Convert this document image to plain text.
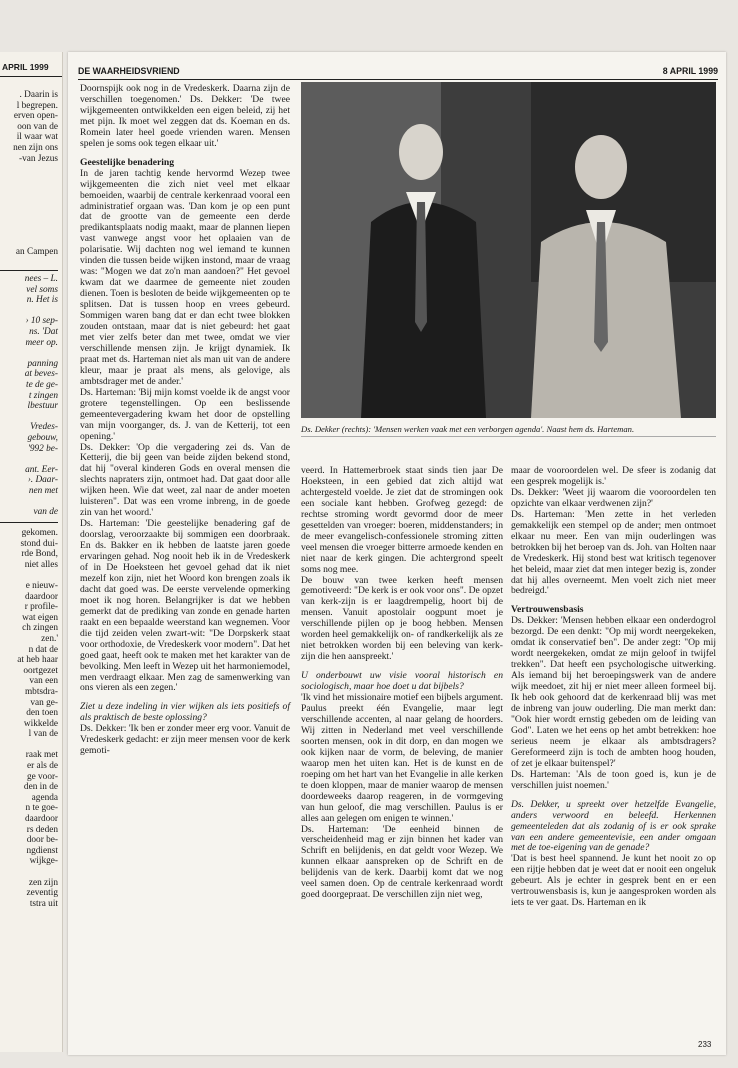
APRIL 1999
. Daarin is
l begrepen.
erven open-
oon van de
il waar wat
nen zijn ons
-van Jezus
an Campen
nees – L.
vel soms
n. Het is

› 10 sep-
ns. 'Dat
meer op.

panning
at beves-
te de ge-
t zingen
lbestuur

Vredes-
gebouw,
'992 be-

ant. Eer-
›. Daar-
nen met

van de
gekomen.
stond dui-
rde Bond,
niet alles

e nieuw-
daardoor
r profile-
wat eigen
ch zingen
zen.'
n dat de
at heb haar
oortgezet
van een
mbtsdra-
van ge-
den toen
wikkelde
l van de

raak met
er als de
ge voor-
den in de
agenda
n te goe-
daardoor
rs deden
door be-
ngdienst
wijkge-

zen zijn
zeventig
tstra uit
DE WAARHEIDSVRIEND	8 APRIL 1999

Doornspijk ook nog in de Vredeskerk. Daarna zijn de verschillen toegenomen.' Ds. Dekker: 'De twee wijkgemeenten ontwikkelden een eigen beleid, zij het met pijn. Ik moet wel zeggen dat ds. Koeman en ds. Romein later heel goede vrienden waren. Mensen spelen je soms ook tegen elkaar uit.'

Geestelijke benadering

In de jaren tachtig kende hervormd Wezep twee wijkgemeenten die zich niet veel met elkaar bemoeiden, waarbij de centrale kerkenraad vooral een administratief orgaan was. 'Dan kom je op een punt dat de grootte van de gemeente een derde predikantsplaats nodig maakt, maar de plannen liepen vast vanwege angst voor het oplaaien van de polarisatie. Wij dachten nog wel iemand te kunnen vinden die tussen beide wijken instond, maar de vraag was: "Mogen we dat zo'n man aandoen?" Het gevoel kwam dat we daarmee de gemeente niet zouden dienen. Toen is besloten de beide wijkgemeenten op te splitsen. Dat is tussen hoop en vrees gebeurd. Sommigen waren bang dat er dan echt twee blokken zouden ontstaan, maar dat is niet gebeurd: het gaat met vier zelfs beter dan met twee, omdat we vier verschillende mensen zijn. Je krijgt dynamiek. Ik praat met ds. Harteman niet als man uit van de andere kleur, maar je praat als mens, als gelovige, als ambtsdrager met de ander.'

Ds. Harteman: 'Bij mijn komst voelde ik de angst voor grotere tegenstellingen. Op een beslissende gemeentevergadering kwam het door de opstelling van mijn voorganger, ds. J. van de Ketterij, tot een opening.'

Ds. Dekker: 'Op die vergadering zei ds. Van de Ketterij, die bij geen van beide zijden bekend stond, dat hij "overal kinderen Gods en overal mensen die slechts napraters zijn, ontmoet had. Dat gaat door alle wijken heen. Wie dat weet, zal naar de ander moeten luisteren". Dat was een vrome inbreng, in de goede zin van het woord.'

Ds. Harteman: 'Die geestelijke benadering gaf de doorslag, veroorzaakte bij sommigen een doorbraak. En ds. Bakker en ik hebben de laatste jaren goede ervaringen gehad. Nog nooit heb ik in de Vredeskerk of in De Hoeksteen het gevoel gehad dat ik niet mezelf kon zijn, niet het Woord kon brengen zoals ik dacht dat goed was. De eerste vervelende opmerking moet ik nog horen. Belangrijker is dat we hebben gemerkt dat de prediking van zonde en genade harten raakt en een bepaalde weerstand kan wegnemen. Voor die tijd zeiden velen zwart-wit: "De Dorpskerk staat voor orthodoxie, de Vredeskerk voor modern". Dat het goed gaat, heeft ook te maken met het karakter van de bevolking. Men leeft in Wezep uit het harmoniemodel, men verdraagt elkaar. Men zag de samenwerking van ons vieren als een zegen.'

Ziet u deze indeling in vier wijken als iets positiefs of als praktisch de beste oplossing?

Ds. Dekker: 'Ik ben er zonder meer erg voor. Vanuit de Vredeskerk gedacht: er zijn meer mensen voor de kerk gemoti-

Ds. Dekker (rechts): 'Mensen werken vaak met een verborgen agenda'. Naast hem ds. Harteman.

veerd. In Hattemerbroek staat sinds tien jaar De Hoeksteen, in een gebied dat zich altijd wat achtergesteld voelde. Je ziet dat de stromingen ook een sociale kant hebben. Grofweg gezegd: de rechtse stroming wordt gevormd door de meer gesettelden van vroeger: boeren, middenstanders; in de meer evangelisch-confessionele stroming zitten veel mensen die vroeger bitterre armoede kenden en niet naar de kerk gingen. Die achtergrond speelt soms nog mee.

De bouw van twee kerken heeft mensen gemotiveerd: "De kerk is er ook voor ons". De opzet van kerk-zijn is er laagdrempelig, hoort bij de mensen. Vanuit apostolair oogpunt moet je verschillende pijlen op je boog hebben. Mensen worden heel gemakkelijk on- of randkerkelijk als ze niet betrokken worden bij een beleving van kerk-zijn die hen aanspreekt.'

U onderbouwt uw visie vooral historisch en sociologisch, maar hoe doet u dat bijbels?

'Ik vind het missionaire motief een bijbels argument. Paulus preekt één Evangelie, maar legt verschillende accenten, al naar gelang de hoorders. Wij zitten in Nederland met veel verschillende soorten mensen, ook in dit dorp, en dan mogen we ook kijken naar de vorm, de beleving, de manier waarop men het uiten kan. Het is de kunst en de roeping om het hart van het Evangelie in alle kerken te doen kloppen, maar de manier waarop de mensen doordeweeks daarop reageren, in de vormgeving van hun geloof, die mag verschillen. Paulus is er alles aan gelegen om enigen te winnen.'

Ds. Harteman: 'De eenheid binnen de verscheidenheid mag er zijn binnen het kader van Schrift en belijdenis, en dat geldt voor Wezep. We kunnen elkaar aanspreken op de Schrift en de belijdenis van de kerk. Daarbij komt dat we nog veel samen doen. Op de centrale kerkenraad wordt goed doorgepraat. De verschillen zijn niet weg,

maar de vooroordelen wel. De sfeer is zodanig dat een gesprek mogelijk is.'

Ds. Dekker: 'Weet jij waarom die vooroordelen ten opzichte van elkaar verdwenen zijn?'

Ds. Harteman: 'Men zette in het verleden gemakkelijk een stempel op de ander; men ontmoet elkaar nu meer. Een van mijn ouderlingen was betrokken bij het beroep van ds. Joh. van Holten naar de Vredeskerk. Hij stond best wat kritisch tegenover het beleid, maar ziet dat men integer bezig is, zonder dat hij alles overneemt. Men voelt zich niet meer bedreigd.'

Vertrouwensbasis

Ds. Dekker: 'Mensen hebben elkaar een onderdogrol bezorgd. De een denkt: "Op mij wordt neergekeken, omdat ik conservatief ben". De ander zegt: "Op mij wordt neergekeken, omdat ze mijn geloof in twijfel trekken". Dat heeft een psychologische uitwerking. Als iemand bij het beroepingswerk van de andere wijk meedoet, zit hij er niet meer alleen formeel bij. Ik heb ook gehoord dat de kerkenraad blij was met de inbreng van jouw ouderling. Die man merkt dan: "Ook hier wordt ernstig gebeden om de leiding van God". Laten we het eens op het ambt betrekken: hoe serieus neem je elkaar als ambtsdragers? Gereformeerd zijn is toch de ambten hoog houden, of zet je elkaar buitenspel?'

Ds. Harteman: 'Als de toon goed is, kun je de verschillen juist noemen.'

Ds. Dekker, u spreekt over hetzelfde Evangelie, anders verwoord en beleefd. Herkennen gemeenteleden dat als zodanig of is er ook sprake van een andere gemeentevisie, een ander omgaan met de toe-eigening van de genade?

'Dat is best heel spannend. Je kunt het nooit zo op een rijtje hebben dat je weet dat er nooit een ongeluk gebeurt. Als je echter in gesprek bent en er een vertrouwensbasis is, kun je aangesproken worden als iets te ver gaat. Ds. Harteman en ik

233
